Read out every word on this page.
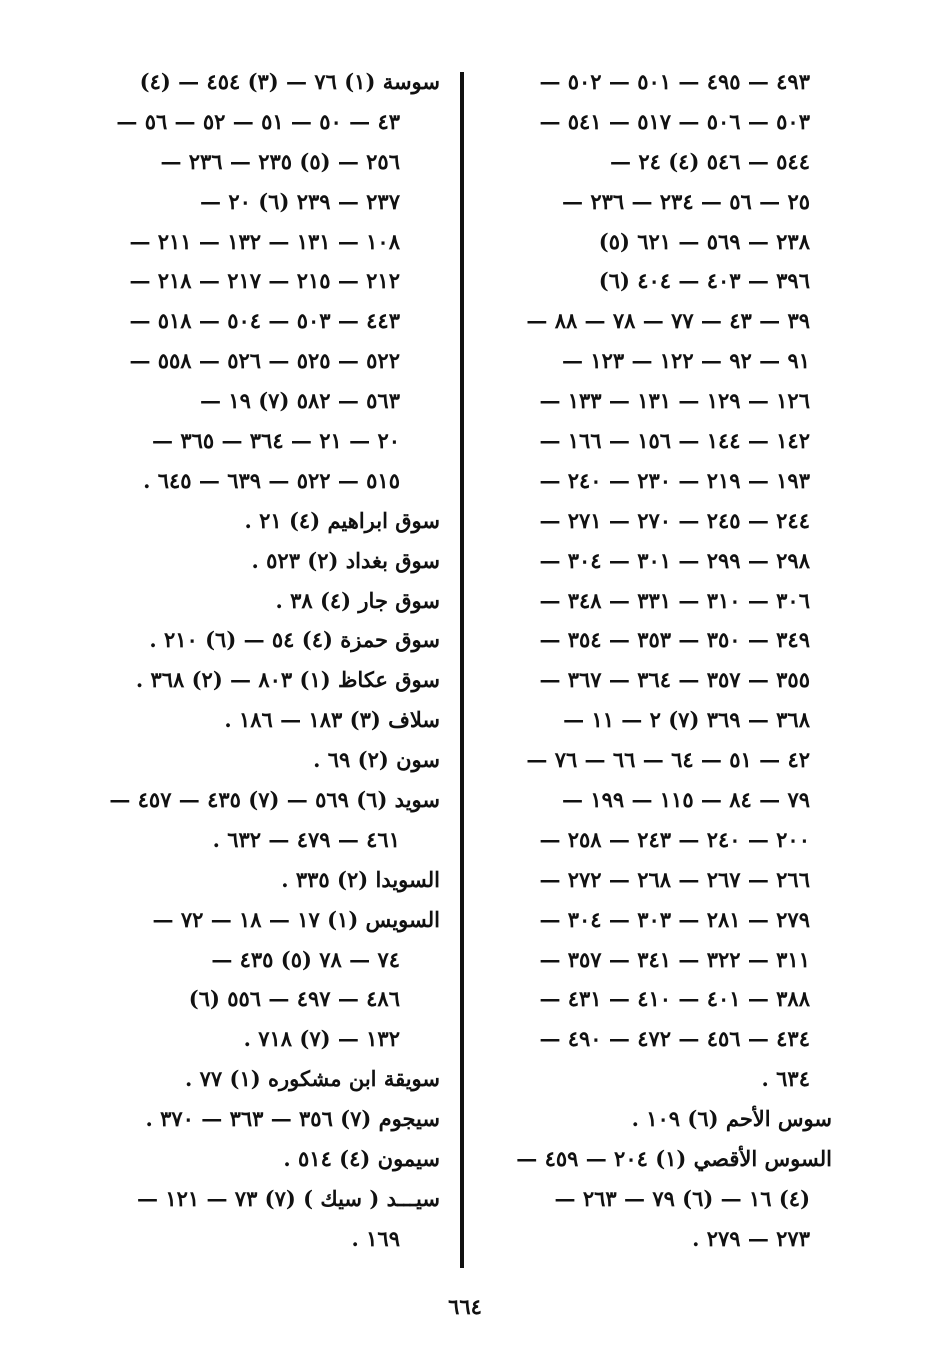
٤٩٣ — ٤٩٥ — ٥٠١ — ٥٠٢ —
٥٠٣ — ٥٠٦ — ٥١٧ — ٥٤١ —
٥٤٤ — ٥٤٦ (٤) ٢٤ —
٢٥ — ٥٦ — ٢٣٤ — ٢٣٦ —
٢٣٨ — ٥٦٩ — ٦٢١ (٥)
٣٩٦ — ٤٠٣ — ٤٠٤ (٦)
٣٩ — ٤٣ — ٧٧ — ٧٨ — ٨٨ —
٩١ — ٩٢ — ١٢٢ — ١٢٣ —
١٢٦ — ١٢٩ — ١٣١ — ١٣٣ —
١٤٢ — ١٤٤ — ١٥٦ — ١٦٦ —
١٩٣ — ٢١٩ — ٢٣٠ — ٢٤٠ —
٢٤٤ — ٢٤٥ — ٢٧٠ — ٢٧١ —
٢٩٨ — ٢٩٩ — ٣٠١ — ٣٠٤ —
٣٠٦ — ٣١٠ — ٣٣١ — ٣٤٨ —
٣٤٩ — ٣٥٠ — ٣٥٣ — ٣٥٤ —
٣٥٥ — ٣٥٧ — ٣٦٤ — ٣٦٧ —
٣٦٨ — ٣٦٩ (٧) ٢ — ١١ —
٤٢ — ٥١ — ٦٤ — ٦٦ — ٧٦ —
٧٩ — ٨٤ — ١١٥ — ١٩٩ —
٢٠٠ — ٢٤٠ — ٢٤٣ — ٢٥٨ —
٢٦٦ — ٢٦٧ — ٢٦٨ — ٢٧٢ —
٢٧٩ — ٢٨١ — ٣٠٣ — ٣٠٤ —
٣١١ — ٣٢٢ — ٣٤١ — ٣٥٧ —
٣٨٨ — ٤٠١ — ٤١٠ — ٤٣١ —
٤٣٤ — ٤٥٦ — ٤٧٢ — ٤٩٠ —
٦٣٤ .
سوس الأحم (٦) ١٠٩ .
السوس الأقصي (١) ٢٠٤ — ٤٥٩ —
(٤) ١٦ — (٦) ٧٩ — ٢٦٣ —
٢٧٣ — ٢٧٩ .
سوسة (١) ٧٦ — (٣) ٤٥٤ — (٤)
٤٣ — ٥٠ — ٥١ — ٥٢ — ٥٦ —
٢٥٦ — (٥) ٢٣٥ — ٢٣٦ —
٢٣٧ — ٢٣٩ (٦) ٢٠ —
١٠٨ — ١٣١ — ١٣٢ — ٢١١ —
٢١٢ — ٢١٥ — ٢١٧ — ٢١٨ —
٤٤٣ — ٥٠٣ — ٥٠٤ — ٥١٨ —
٥٢٢ — ٥٢٥ — ٥٢٦ — ٥٥٨ —
٥٦٣ — ٥٨٢ (٧) ١٩ —
٢٠ — ٢١ — ٣٦٤ — ٣٦٥ —
٥١٥ — ٥٢٢ — ٦٣٩ — ٦٤٥ .
سوق ابراهيم (٤) ٢١ .
سوق بغداد (٢) ٥٢٣ .
سوق جار (٤) ٣٨ .
سوق حمزة (٤) ٥٤ — (٦) ٢١٠ .
سوق عكاظ (١) ٨٠٣ — (٢) ٣٦٨ .
سلاف (٣) ١٨٣ — ١٨٦ .
سون (٢) ٦٩ .
سويد (٦) ٥٦٩ — (٧) ٤٣٥ — ٤٥٧ —
٤٦١ — ٤٧٩ — ٦٣٢ .
السويدا (٢) ٣٣٥ .
السويس (١) ١٧ — ١٨ — ٧٢ —
٧٤ — ٧٨ (٥) ٤٣٥ —
٤٨٦ — ٤٩٧ — ٥٥٦ (٦)
١٣٢ — (٧) ٧١٨ .
سويقة ابن مشكوره (١) ٧٧ .
سيجوم (٧) ٣٥٦ — ٣٦٣ — ٣٧٠ .
سيمون (٤) ٥١٤ .
سيـــد ( سيك ) (٧) ٧٣ — ١٢١ —
١٦٩ .
٦٦٤
